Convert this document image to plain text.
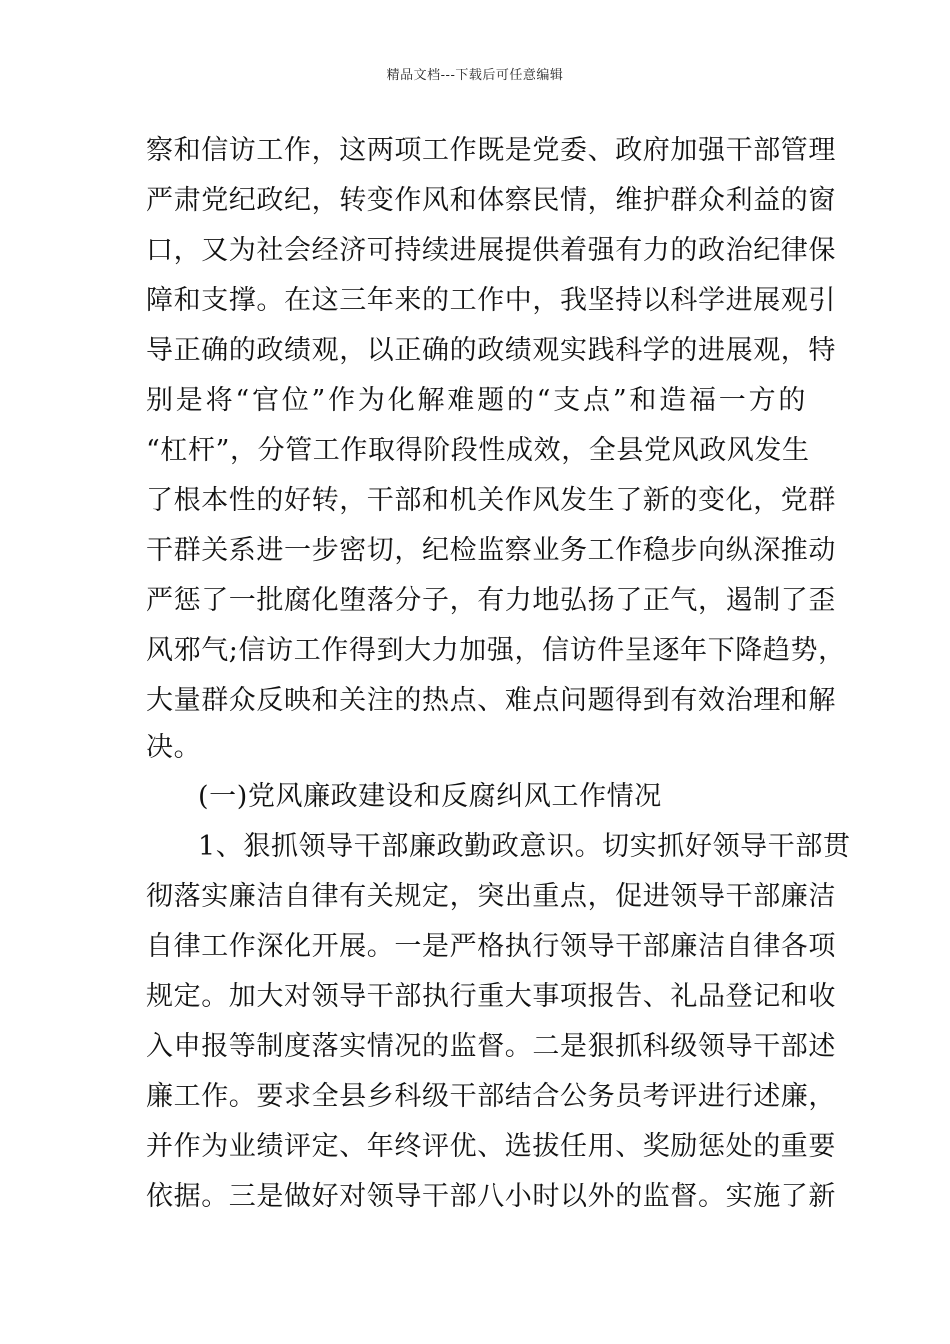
精品文档---下载后可任意编辑
察和信访工作，这两项工作既是党委、政府加强干部管理
严肃党纪政纪，转变作风和体察民情，维护群众利益的窗
口，又为社会经济可持续进展提供着强有力的政治纪律保
障和支撑。在这三年来的工作中，我坚持以科学进展观引
导正确的政绩观，以正确的政绩观实践科学的进展观，特
别是将“官位”作为化解难题的“支点”和造福一方的
“杠杆”，分管工作取得阶段性成效，全县党风政风发生
了根本性的好转，干部和机关作风发生了新的变化，党群
干群关系进一步密切，纪检监察业务工作稳步向纵深推动
严惩了一批腐化堕落分子，有力地弘扬了正气，遏制了歪
风邪气;信访工作得到大力加强，信访件呈逐年下降趋势，
大量群众反映和关注的热点、难点问题得到有效治理和解
决。
(一)党风廉政建设和反腐纠风工作情况
1、狠抓领导干部廉政勤政意识。切实抓好领导干部贯
彻落实廉洁自律有关规定，突出重点，促进领导干部廉洁
自律工作深化开展。一是严格执行领导干部廉洁自律各项
规定。加大对领导干部执行重大事项报告、礼品登记和收
入申报等制度落实情况的监督。二是狠抓科级领导干部述
廉工作。要求全县乡科级干部结合公务员考评进行述廉，
并作为业绩评定、年终评优、选拔任用、奖励惩处的重要
依据。三是做好对领导干部八小时以外的监督。实施了新
